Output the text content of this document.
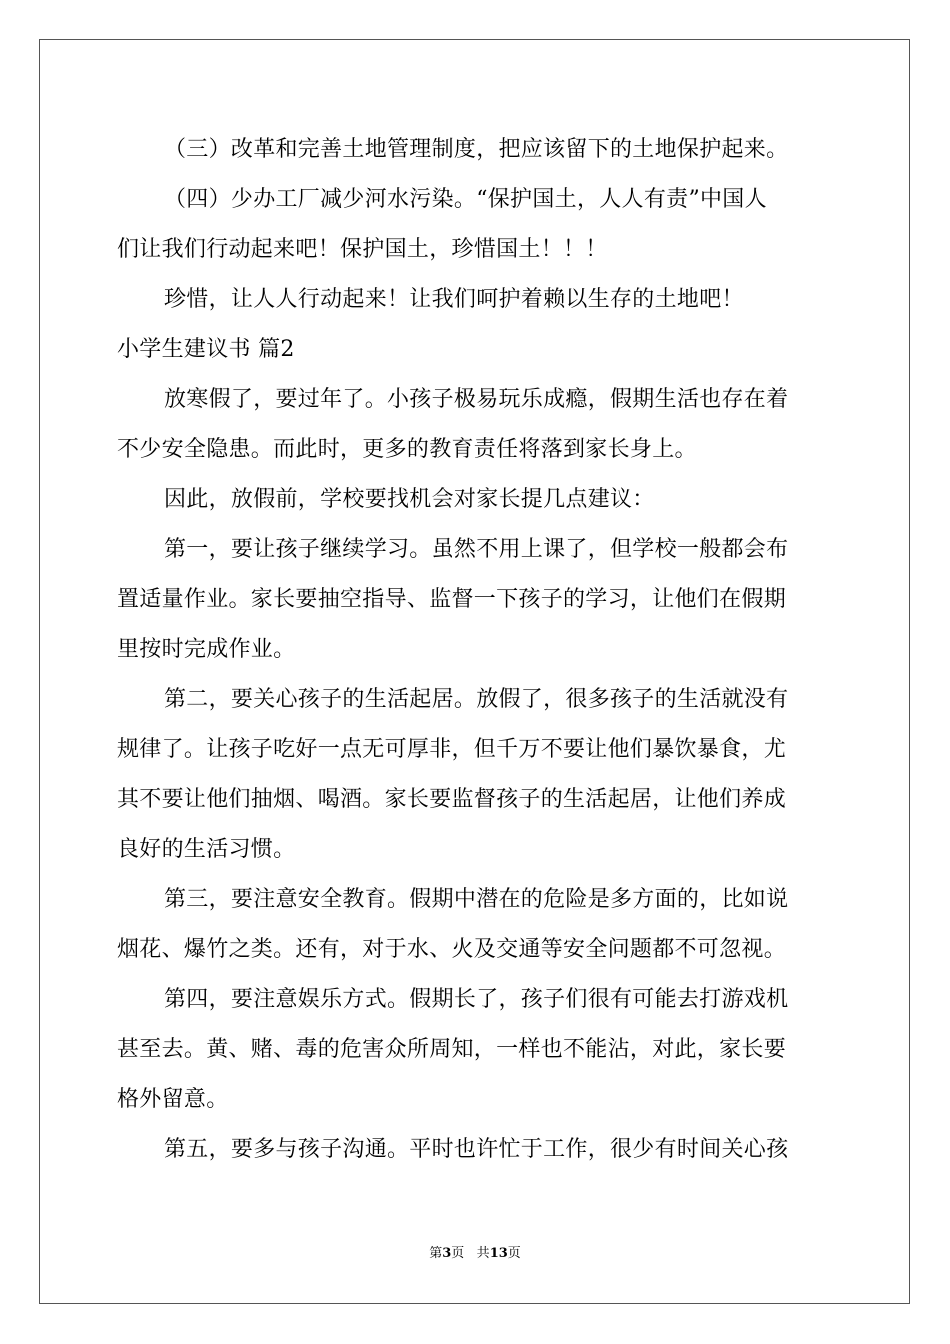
（三）改革和完善土地管理制度，把应该留下的土地保护起来。
（四）少办工厂减少河水污染。“保护国土，人人有责”中国人
们让我们行动起来吧！保护国土，珍惜国土！！！
珍惜，让人人行动起来！让我们呵护着赖以生存的土地吧！
小学生建议书 篇2
放寒假了，要过年了。小孩子极易玩乐成瘾，假期生活也存在着
不少安全隐患。而此时，更多的教育责任将落到家长身上。
因此，放假前，学校要找机会对家长提几点建议：
第一，要让孩子继续学习。虽然不用上课了，但学校一般都会布
置适量作业。家长要抽空指导、监督一下孩子的学习，让他们在假期
里按时完成作业。
第二，要关心孩子的生活起居。放假了，很多孩子的生活就没有
规律了。让孩子吃好一点无可厚非，但千万不要让他们暴饮暴食，尤
其不要让他们抽烟、喝酒。家长要监督孩子的生活起居，让他们养成
良好的生活习惯。
第三，要注意安全教育。假期中潜在的危险是多方面的，比如说
烟花、爆竹之类。还有，对于水、火及交通等安全问题都不可忽视。
第四，要注意娱乐方式。假期长了，孩子们很有可能去打游戏机
甚至去。黄、赌、毒的危害众所周知，一样也不能沾，对此，家长要
格外留意。
第五，要多与孩子沟通。平时也许忙于工作，很少有时间关心孩
第3页 共13页
